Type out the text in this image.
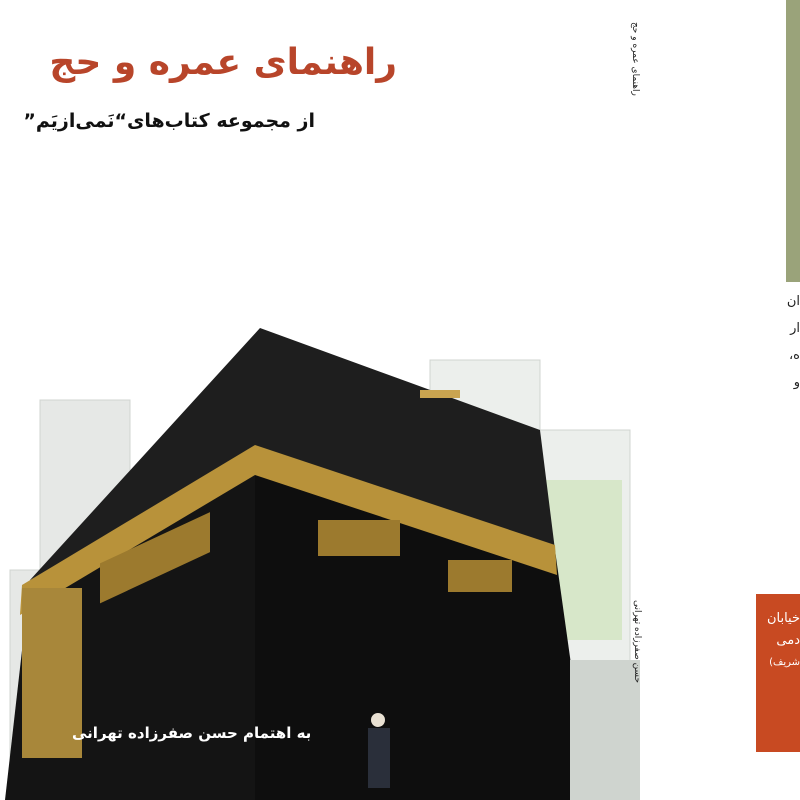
راهنمای عمره و حج
از مجموعه کتاب‌های“نَمی‌ازیَم”
به اهتمام حسن صفرزاده تهرانی
راهنمای عمره و حج
حسن صفرزاده تهرانی
ان
ار
ه،
و
خیابان
دمی
شریف)
